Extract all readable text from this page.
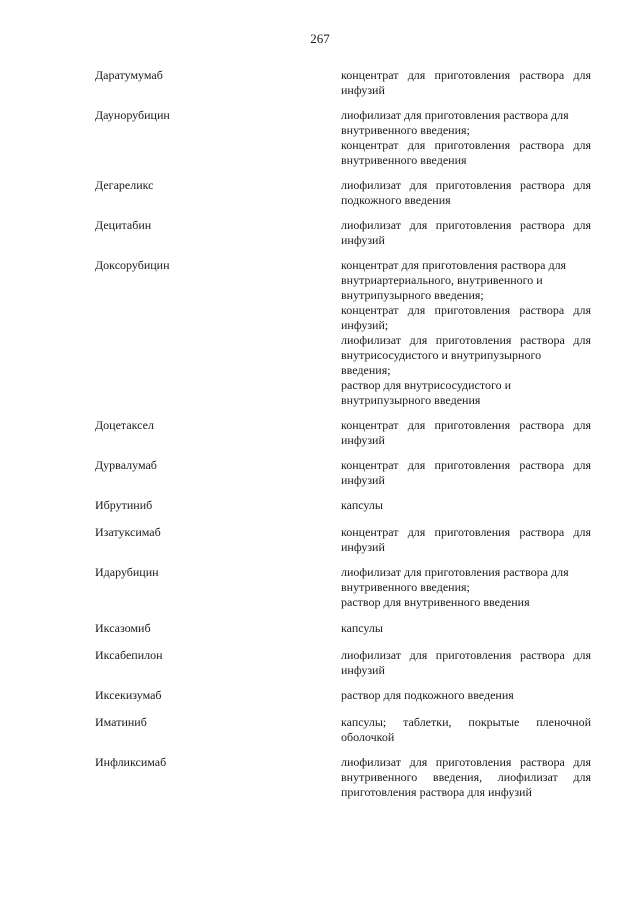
267
Даратумумаб	концентрат для приготовления раствора для
инфузий
Даунорубицин	лиофилизат для приготовления раствора для
внутривенного введения;
концентрат для приготовления раствора для
внутривенного введения
Дегареликс	лиофилизат для приготовления раствора для
подкожного введения
Децитабин	лиофилизат для приготовления раствора для
инфузий
Доксорубицин	концентрат для приготовления раствора для
внутриартериального, внутривенного и
внутрипузырного введения;
концентрат для приготовления раствора для
инфузий;
лиофилизат для приготовления раствора для
внутрисосудистого и внутрипузырного
введения;
раствор для внутрисосудистого и
внутрипузырного введения
Доцетаксел	концентрат для приготовления раствора для
инфузий
Дурвалумаб	концентрат для приготовления раствора для
инфузий
Ибрутиниб	капсулы
Изатуксимаб	концентрат для приготовления раствора для
инфузий
Идарубицин	лиофилизат для приготовления раствора для
внутривенного введения;
раствор для внутривенного введения
Иксазомиб	капсулы
Иксабепилон	лиофилизат для приготовления раствора для
инфузий
Иксекизумаб	раствор для подкожного введения
Иматиниб	капсулы; таблетки, покрытые пленочной
оболочкой
Инфликсимаб	лиофилизат для приготовления раствора для
внутривенного введения, лиофилизат для
приготовления раствора для инфузий
